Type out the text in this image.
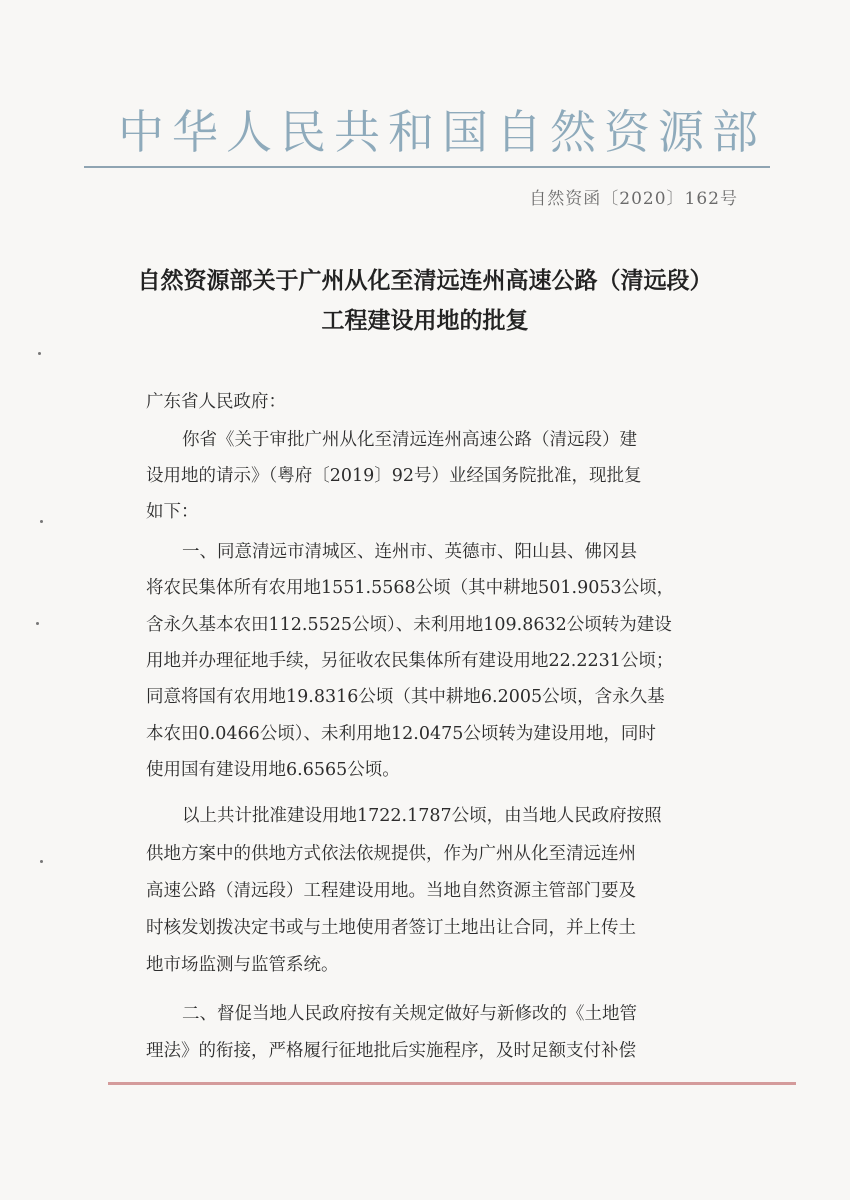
中华人民共和国自然资源部
自然资函〔2020〕162号
自然资源部关于广州从化至清远连州高速公路（清远段）
工程建设用地的批复
广东省人民政府：
你省《关于审批广州从化至清远连州高速公路（清远段）建
设用地的请示》（粤府〔2019〕92号）业经国务院批准，现批复
如下：
一、同意清远市清城区、连州市、英德市、阳山县、佛冈县
将农民集体所有农用地1551.5568公顷（其中耕地501.9053公顷，
含永久基本农田112.5525公顷）、未利用地109.8632公顷转为建设
用地并办理征地手续，另征收农民集体所有建设用地22.2231公顷；
同意将国有农用地19.8316公顷（其中耕地6.2005公顷，含永久基
本农田0.0466公顷）、未利用地12.0475公顷转为建设用地，同时
使用国有建设用地6.6565公顷。
以上共计批准建设用地1722.1787公顷，由当地人民政府按照
供地方案中的供地方式依法依规提供，作为广州从化至清远连州
高速公路（清远段）工程建设用地。当地自然资源主管部门要及
时核发划拨决定书或与土地使用者签订土地出让合同，并上传土
地市场监测与监管系统。
二、督促当地人民政府按有关规定做好与新修改的《土地管
理法》的衔接，严格履行征地批后实施程序，及时足额支付补偿
